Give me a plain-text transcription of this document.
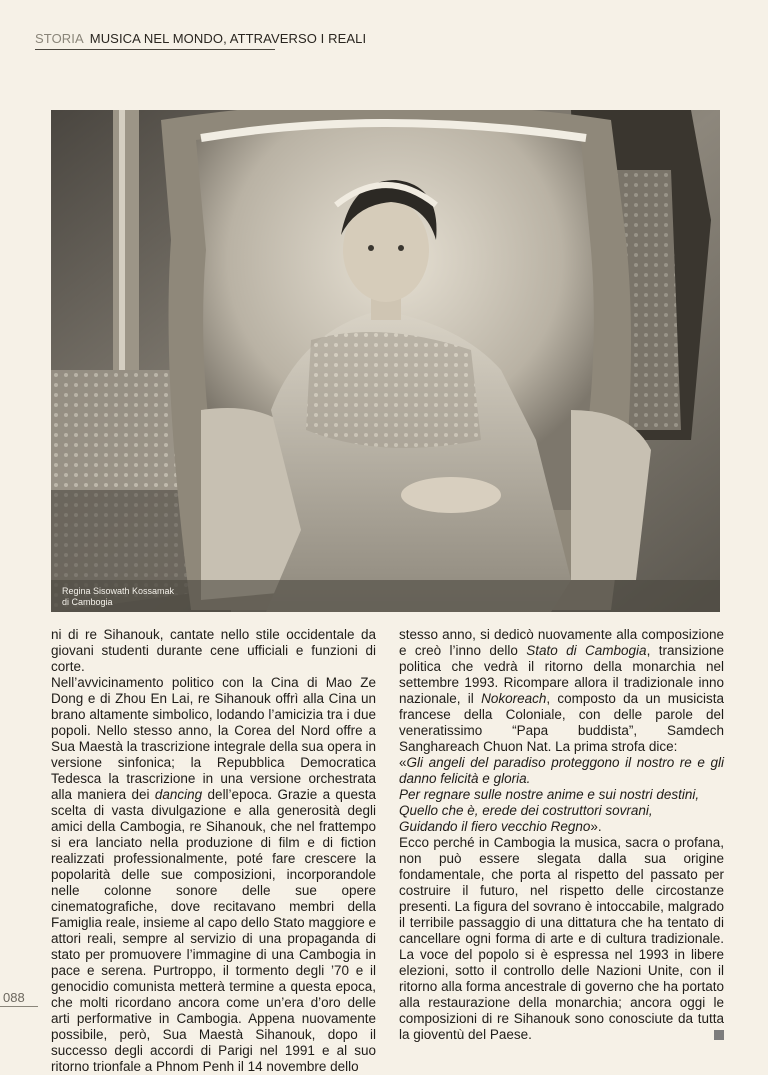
STORIA MUSICA NEL MONDO, ATTRAVERSO I REALI
Regina Sisowath Kossamak
di Cambogia

ni di re Sihanouk, cantate nello stile occidentale da giovani studenti durante cene ufficiali e funzioni di corte.

Nell’avvicinamento politico con la Cina di Mao Ze Dong e di Zhou En Lai, re Sihanouk offrì alla Cina un brano altamente simbolico, lodando l’amicizia tra i due popoli. Nello stesso anno, la Corea del Nord offre a Sua Maestà la trascrizione integrale della sua opera in versione sinfonica; la Repubblica Democratica Tedesca la trascrizione in una versione orchestrata alla maniera dei dancing dell’epoca. Grazie a questa scelta di vasta divulgazione e alla generosità degli amici della Cambogia, re Sihanouk, che nel frattempo si era lanciato nella produzione di film e di fiction realizzati professionalmente, poté fare crescere la popolarità delle sue composizioni, incorporandole nelle colonne sonore delle sue opere cinematografiche, dove recitavano membri della Famiglia reale, insieme al capo dello Stato maggiore e attori reali, sempre al servizio di una propaganda di stato per promuovere l’immagine di una Cambogia in pace e serena. Purtroppo, il tormento degli ’70 e il genocidio comunista metterà termine a questa epoca, che molti ricordano ancora come un’era d’oro delle arti performative in Cambogia. Appena nuovamente possibile, però, Sua Maestà Sihanouk, dopo il successo degli accordi di Parigi nel 1991 e al suo ritorno trionfale a Phnom Penh il 14 novembre dello

stesso anno, si dedicò nuovamente alla composizione e creò l’inno dello Stato di Cambogia, transizione politica che vedrà il ritorno della monarchia nel settembre 1993. Ricompare allora il tradizionale inno nazionale, il Nokoreach, composto da un musicista francese della Coloniale, con delle parole del veneratissimo “Papa buddista”, Samdech Sanghareach Chuon Nat. La prima strofa dice:

«Gli angeli del paradiso proteggono il nostro re e gli danno felicità e gloria.

Per regnare sulle nostre anime e sui nostri destini,

Quello che è, erede dei costruttori sovrani,

Guidando il fiero vecchio Regno».

Ecco perché in Cambogia la musica, sacra o profana, non può essere slegata dalla sua origine fondamentale, che porta al rispetto del passato per costruire il futuro, nel rispetto delle circostanze presenti. La figura del sovrano è intoccabile, malgrado il terribile passaggio di una dittatura che ha tentato di cancellare ogni forma di arte e di cultura tradizionale. La voce del popolo si è espressa nel 1993 in libere elezioni, sotto il controllo delle Nazioni Unite, con il ritorno alla forma ancestrale di governo che ha portato alla restaurazione della monarchia; ancora oggi le composizioni di re Sihanouk sono conosciute da tutta la gioventù del Paese.

088
